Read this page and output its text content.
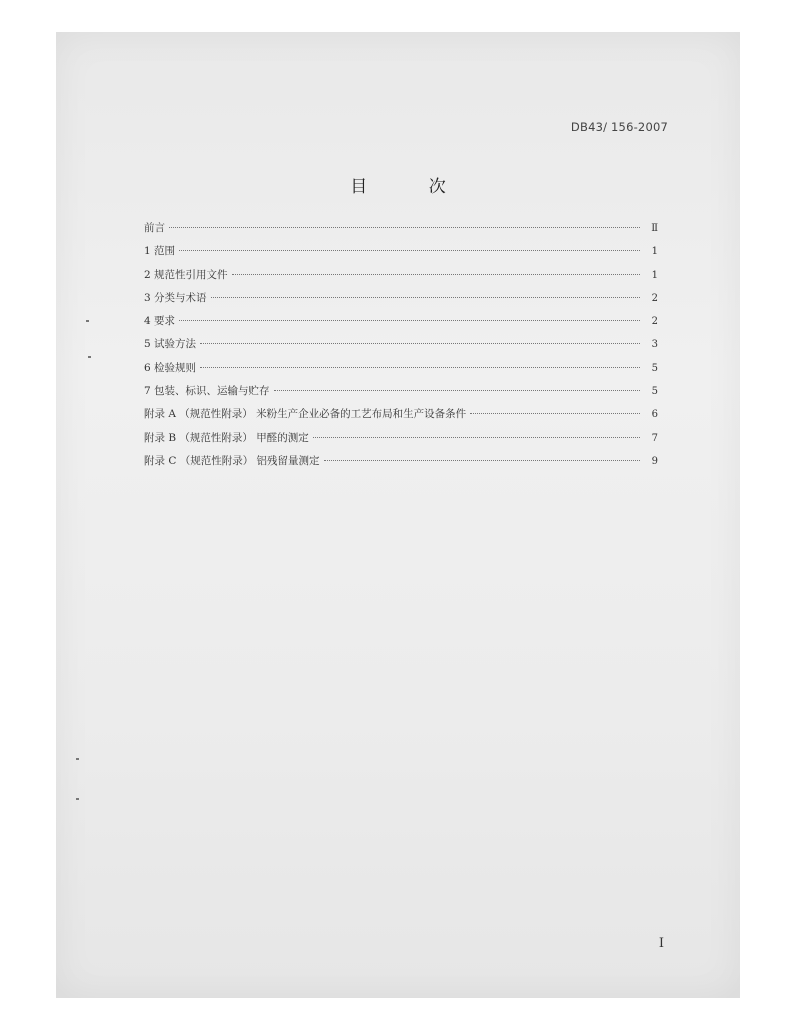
DB43/ 156-2007
目 次
前言	Ⅱ
1 范围	1
2 规范性引用文件	1
3 分类与术语	2
4 要求	2
5 试验方法	3
6 检验规则	5
7 包装、标识、运输与贮存	5
附录 A （规范性附录） 米粉生产企业必备的工艺布局和生产设备条件	6
附录 B （规范性附录） 甲醛的测定	7
附录 C （规范性附录） 铝残留量测定	9
I
